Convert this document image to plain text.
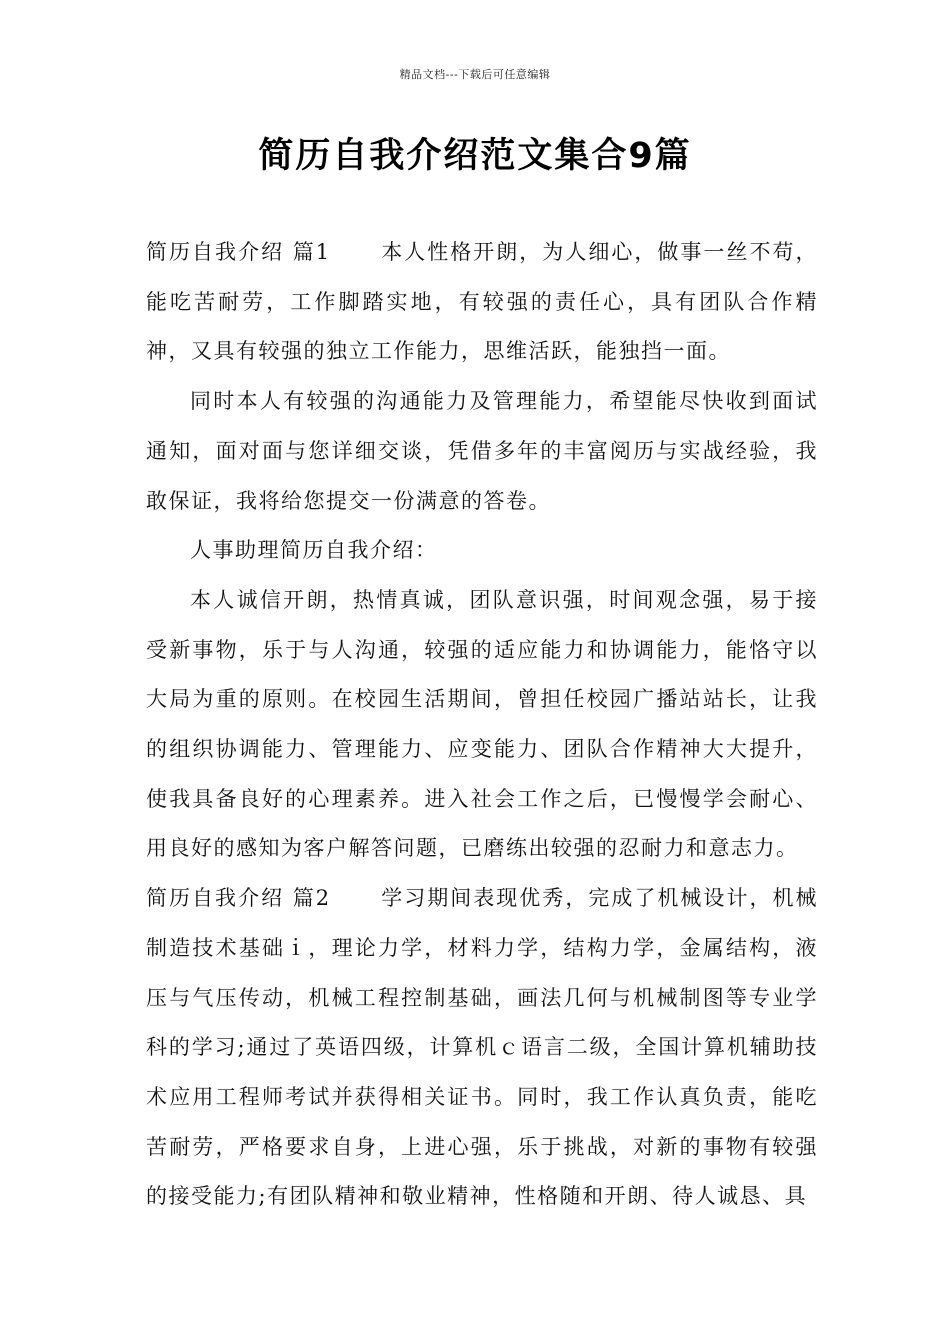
精品文档---下载后可任意编辑
简历自我介绍范文集合9篇

简历自我介绍 篇1 本人性格开朗，为人细心，做事一丝不苟，能吃苦耐劳，工作脚踏实地，有较强的责任心，具有团队合作精神，又具有较强的独立工作能力，思维活跃，能独挡一面。

同时本人有较强的沟通能力及管理能力，希望能尽快收到面试通知，面对面与您详细交谈，凭借多年的丰富阅历与实战经验，我敢保证，我将给您提交一份满意的答卷。

人事助理简历自我介绍：

本人诚信开朗，热情真诚，团队意识强，时间观念强，易于接受新事物，乐于与人沟通，较强的适应能力和协调能力，能恪守以大局为重的原则。在校园生活期间，曾担任校园广播站站长，让我的组织协调能力、管理能力、应变能力、团队合作精神大大提升，使我具备良好的心理素养。进入社会工作之后，已慢慢学会耐心、用良好的感知为客户解答问题，已磨练出较强的忍耐力和意志力。

简历自我介绍 篇2 学习期间表现优秀，完成了机械设计，机械制造技术基础ｉ，理论力学，材料力学，结构力学，金属结构，液压与气压传动，机械工程控制基础，画法几何与机械制图等专业学科的学习;通过了英语四级，计算机ｃ语言二级，全国计算机辅助技术应用工程师考试并获得相关证书。同时，我工作认真负责，能吃苦耐劳，严格要求自身，上进心强，乐于挑战，对新的事物有较强的接受能力;有团队精神和敬业精神，性格随和开朗、待人诚恳、具
